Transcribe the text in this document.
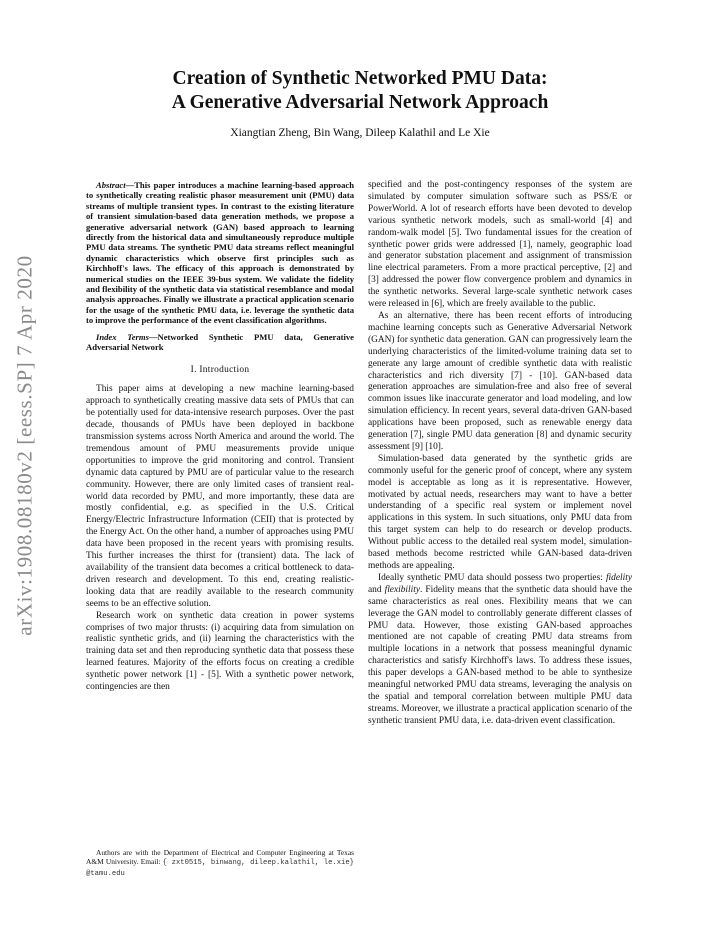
arXiv:1908.08180v2 [eess.SP] 7 Apr 2020
Creation of Synthetic Networked PMU Data:
A Generative Adversarial Network Approach
Xiangtian Zheng, Bin Wang, Dileep Kalathil and Le Xie

Abstract—This paper introduces a machine learning-based approach to synthetically creating realistic phasor measurement unit (PMU) data streams of multiple transient types. In contrast to the existing literature of transient simulation-based data generation methods, we propose a generative adversarial network (GAN) based approach to learning directly from the historical data and simultaneously reproduce multiple PMU data streams. The synthetic PMU data streams reflect meaningful dynamic characteristics which observe first principles such as Kirchhoff's laws. The efficacy of this approach is demonstrated by numerical studies on the IEEE 39-bus system. We validate the fidelity and flexibility of the synthetic data via statistical resemblance and modal analysis approaches. Finally we illustrate a practical application scenario for the usage of the synthetic PMU data, i.e. leverage the synthetic data to improve the performance of the event classification algorithms.

Index Terms—Networked Synthetic PMU data, Generative Adversarial Network

I. Introduction

This paper aims at developing a new machine learning-based approach to synthetically creating massive data sets of PMUs that can be potentially used for data-intensive research purposes. Over the past decade, thousands of PMUs have been deployed in backbone transmission systems across North America and around the world. The tremendous amount of PMU measurements provide unique opportunities to improve the grid monitoring and control. Transient dynamic data captured by PMU are of particular value to the research community. However, there are only limited cases of transient real-world data recorded by PMU, and more importantly, these data are mostly confidential, e.g. as specified in the U.S. Critical Energy/Electric Infrastructure Information (CEII) that is protected by the Energy Act. On the other hand, a number of approaches using PMU data have been proposed in the recent years with promising results. This further increases the thirst for (transient) data. The lack of availability of the transient data becomes a critical bottleneck to data-driven research and development. To this end, creating realistic-looking data that are readily available to the research community seems to be an effective solution.

Research work on synthetic data creation in power systems comprises of two major thrusts: (i) acquiring data from simulation on realistic synthetic grids, and (ii) learning the characteristics with the training data set and then reproducing synthetic data that possess these learned features. Majority of the efforts focus on creating a credible synthetic power network [1] - [5]. With a synthetic power network, contingencies are then

Authors are with the Department of Electrical and Computer Engineering at Texas A&M University. Email: { zxt0515, binwang, dileep.kalathil, le.xie} @tamu.edu

specified and the post-contingency responses of the system are simulated by computer simulation software such as PSS/E or PowerWorld. A lot of research efforts have been devoted to develop various synthetic network models, such as small-world [4] and random-walk model [5]. Two fundamental issues for the creation of synthetic power grids were addressed [1], namely, geographic load and generator substation placement and assignment of transmission line electrical parameters. From a more practical perceptive, [2] and [3] addressed the power flow convergence problem and dynamics in the synthetic networks. Several large-scale synthetic network cases were released in [6], which are freely available to the public.

As an alternative, there has been recent efforts of introducing machine learning concepts such as Generative Adversarial Network (GAN) for synthetic data generation. GAN can progressively learn the underlying characteristics of the limited-volume training data set to generate any large amount of credible synthetic data with realistic characteristics and rich diversity [7] - [10]. GAN-based data generation approaches are simulation-free and also free of several common issues like inaccurate generator and load modeling, and low simulation efficiency. In recent years, several data-driven GAN-based applications have been proposed, such as renewable energy data generation [7], single PMU data generation [8] and dynamic security assessment [9] [10].

Simulation-based data generated by the synthetic grids are commonly useful for the generic proof of concept, where any system model is acceptable as long as it is representative. However, motivated by actual needs, researchers may want to have a better understanding of a specific real system or implement novel applications in this system. In such situations, only PMU data from this target system can help to do research or develop products. Without public access to the detailed real system model, simulation-based methods become restricted while GAN-based data-driven methods are appealing.

Ideally synthetic PMU data should possess two properties: fidelity and flexibility. Fidelity means that the synthetic data should have the same characteristics as real ones. Flexibility means that we can leverage the GAN model to controllably generate different classes of PMU data. However, those existing GAN-based approaches mentioned are not capable of creating PMU data streams from multiple locations in a network that possess meaningful dynamic characteristics and satisfy Kirchhoff's laws. To address these issues, this paper develops a GAN-based method to be able to synthesize meaningful networked PMU data streams, leveraging the analysis on the spatial and temporal correlation between multiple PMU data streams. Moreover, we illustrate a practical application scenario of the synthetic transient PMU data, i.e. data-driven event classification.
